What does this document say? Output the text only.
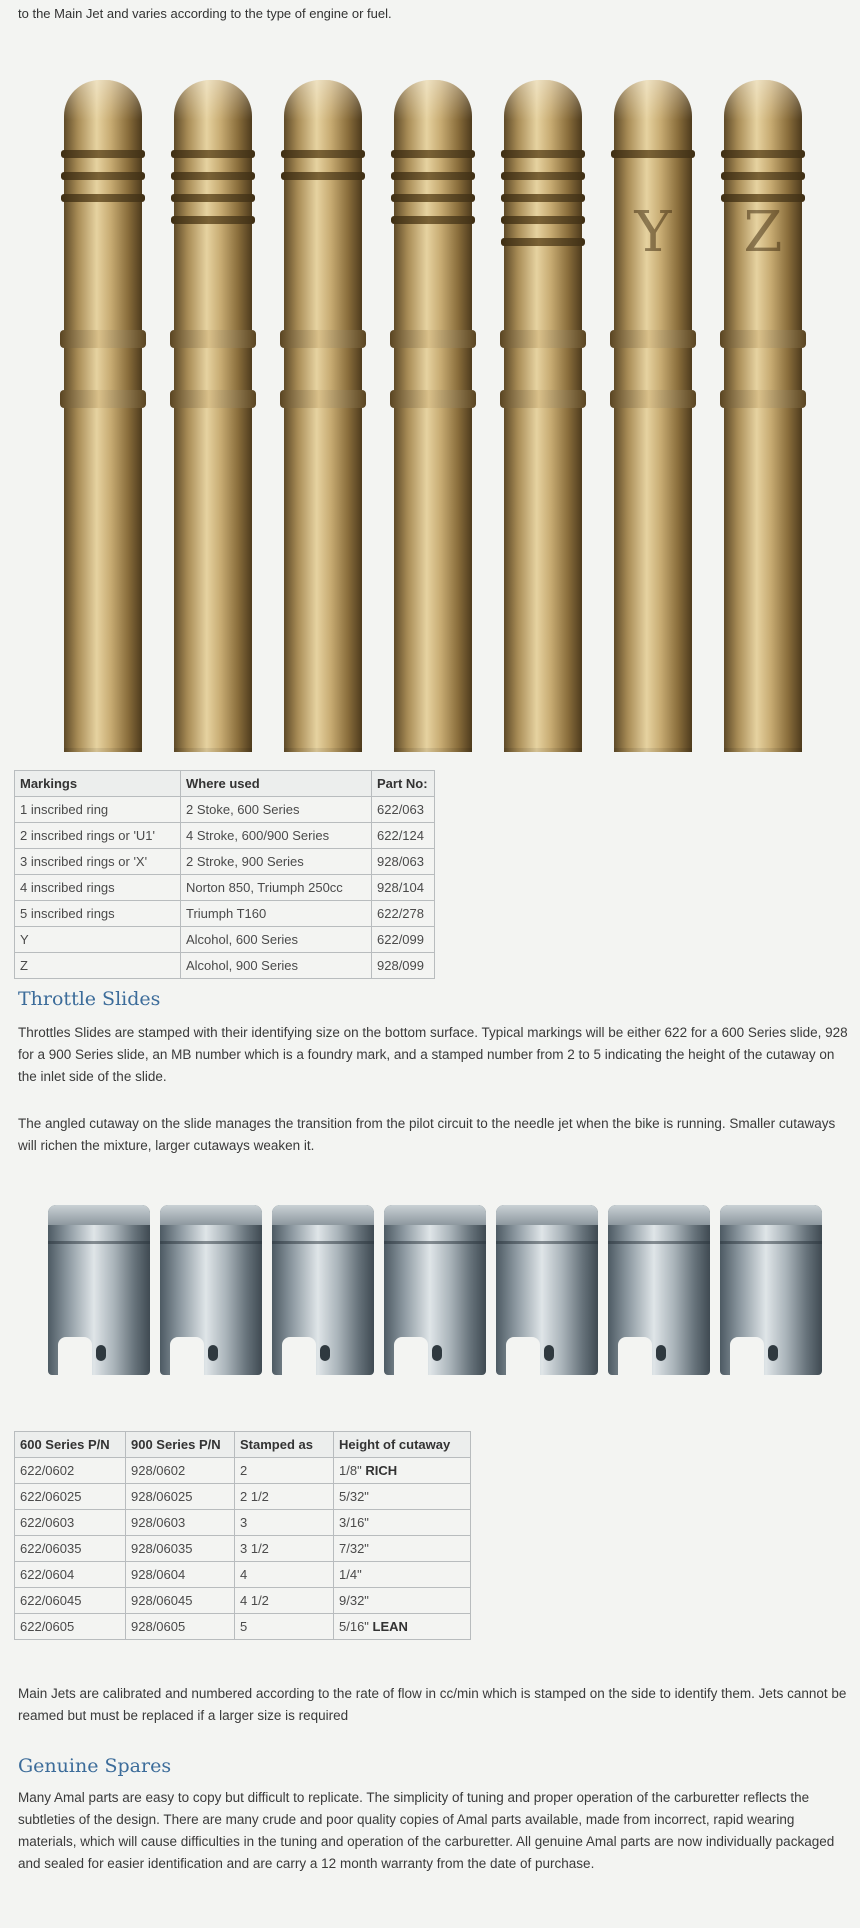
to the Main Jet and varies according to the type of engine or fuel.
Y	Z
Markings	Where used	Part No:
1 inscribed ring	2 Stoke, 600 Series	622/063
2 inscribed rings or 'U1'	4 Stroke, 600/900 Series	622/124
3 inscribed rings or 'X'	2 Stroke, 900 Series	928/063
4 inscribed rings	Norton 850, Triumph 250cc	928/104
5 inscribed rings	Triumph T160	622/278
Y	Alcohol, 600 Series	622/099
Z	Alcohol, 900 Series	928/099
Throttle Slides

Throttles Slides are stamped with their identifying size on the bottom surface. Typical markings will be either 622 for a 600 Series slide, 928 for a 900 Series slide, an MB number which is a foundry mark, and a stamped number from 2 to 5 indicating the height of the cutaway on the inlet side of the slide.

The angled cutaway on the slide manages the transition from the pilot circuit to the needle jet when the bike is running. Smaller cutaways will richen the mixture, larger cutaways weaken it.

600 Series P/N	900 Series P/N	Stamped as	Height of cutaway
622/0602	928/0602	2	1/8" RICH
622/06025	928/06025	2 1/2	5/32"
622/0603	928/0603	3	3/16"
622/06035	928/06035	3 1/2	7/32"
622/0604	928/0604	4	1/4"
622/06045	928/06045	4 1/2	9/32"
622/0605	928/0605	5	5/16" LEAN

Main Jets are calibrated and numbered according to the rate of flow in cc/min which is stamped on the side to identify them. Jets cannot be reamed but must be replaced if a larger size is required

Genuine Spares

Many Amal parts are easy to copy but difficult to replicate. The simplicity of tuning and proper operation of the carburetter reflects the subtleties of the design. There are many crude and poor quality copies of Amal parts available, made from incorrect, rapid wearing materials, which will cause difficulties in the tuning and operation of the carburetter. All genuine Amal parts are now individually packaged and sealed for easier identification and are carry a 12 month warranty from the date of purchase.
